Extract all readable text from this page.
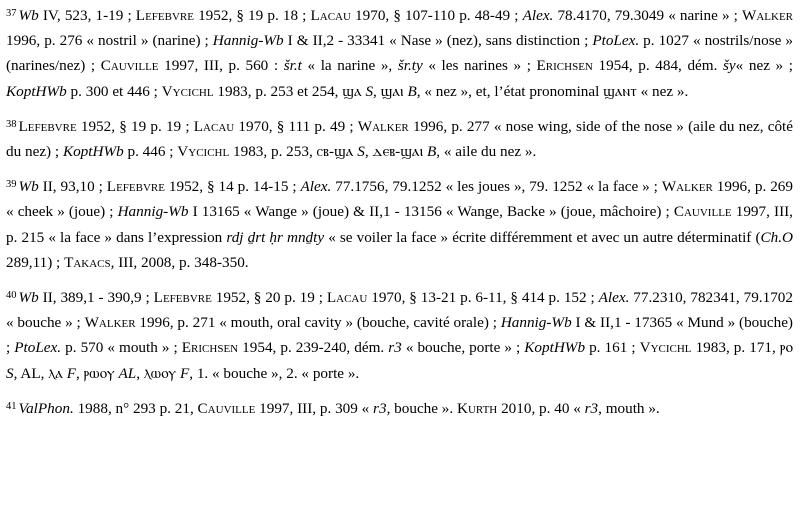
$^{37}$ Wb IV, 523, 1-19 ; Lefebvre 1952, § 19 p. 18 ; Lacau 1970, § 107-110 p. 48-49 ; Alex. 78.4170, 79.3049 « narine » ; Walker 1996, p. 276 « nostril » (narine) ; Hannig-Wb I & II,2 - 33341 « Nase » (nez), sans distinction ; PtoLex. p. 1027 « nostrils/nose » (narines/nez) ; Cauville 1997, III, p. 560 : šr.t « la narine », šr.ty « les narines » ; Erichsen 1954, p. 484, dém. šy« nez » ; KoptHWb p. 300 et 446 ; Vycichl 1983, p. 253 et 254, ϣⲁ S, ϣⲁⲓ B, « nez », et, l’état pronominal ϣⲁⲛⲧ « nez ».

$^{38}$ Lefebvre 1952, § 19 p. 19 ; Lacau 1970, § 111 p. 49 ; Walker 1996, p. 277 « nose wing, side of the nose » (aile du nez, côté du nez) ; KoptHWb p. 446 ; Vycichl 1983, p. 253, ⲥⲃ-ϣⲁ S, ⲇⲉⲃ-ϣⲁⲓ B, « aile du nez ».

$^{39}$ Wb II, 93,10 ; Lefebvre 1952, § 14 p. 14-15 ; Alex. 77.1756, 79.1252 « les joues », 79. 1252 « la face » ; Walker 1996, p. 269 « cheek » (joue) ; Hannig-Wb I 13165 « Wange » (joue) & II,1 - 13156 « Wange, Backe » (joue, mâchoire) ; Cauville 1997, III, p. 215 « la face » dans l’expression rdj ḏrt ḥr mnḏty « se voiler la face » écrite différemment et avec un autre déterminatif (Ch.O 289,11) ; Takacs, III, 2008, p. 348-350.

$^{40}$ Wb II, 389,1 - 390,9 ; Lefebvre 1952, § 20 p. 19 ; Lacau 1970, § 13-21 p. 6-11, § 414 p. 152 ; Alex. 77.2310, 782341, 79.1702 « bouche » ; Walker 1996, p. 271 « mouth, oral cavity » (bouche, cavité orale) ; Hannig-Wb I & II,1 - 17365 « Mund » (bouche) ; PtoLex. p. 570 « mouth » ; Erichsen 1954, p. 239-240, dém. r3 « bouche, porte » ; KoptHWb p. 161 ; Vycichl 1983, p. 171, ⲣⲟ S, AL, ⲗⲁ F, ⲣⲱⲟⲩ AL, ⲗⲱⲟⲩ F, 1. « bouche », 2. « porte ».

$^{41}$ ValPhon. 1988, n° 293 p. 21, Cauville 1997, III, p. 309 « r3, bouche ». Kurth 2010, p. 40 « r3, mouth ».
